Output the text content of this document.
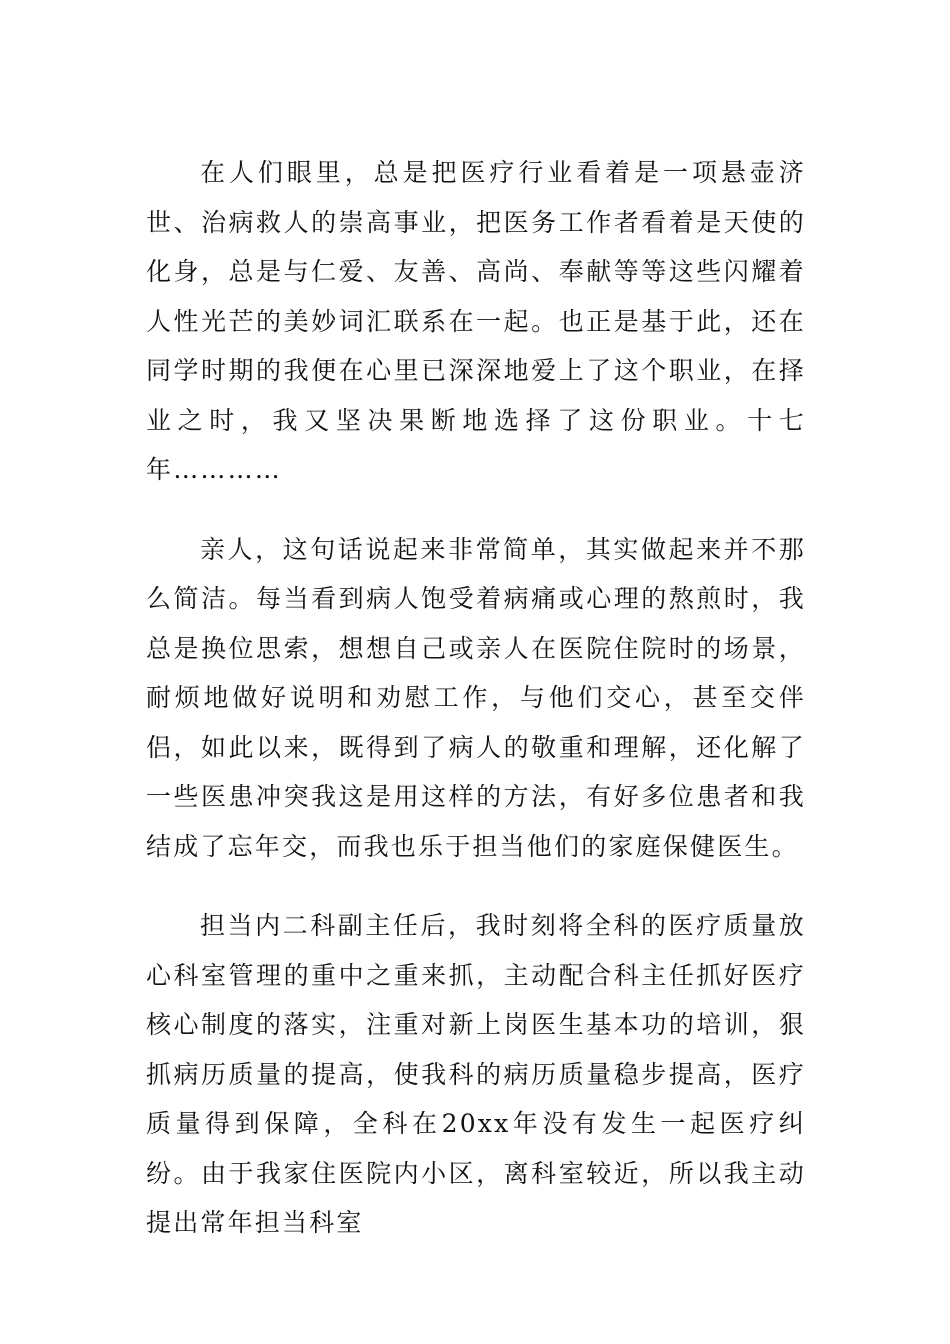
在人们眼里，总是把医疗行业看着是一项悬壶济世、治病救人的崇高事业，把医务工作者看着是天使的化身，总是与仁爱、友善、高尚、奉献等等这些闪耀着人性光芒的美妙词汇联系在一起。也正是基于此，还在同学时期的我便在心里已深深地爱上了这个职业，在择业之时，我又坚决果断地选择了这份职业。十七年…………

亲人，这句话说起来非常简单，其实做起来并不那么简洁。每当看到病人饱受着病痛或心理的熬煎时，我总是换位思索，想想自己或亲人在医院住院时的场景，耐烦地做好说明和劝慰工作，与他们交心，甚至交伴侣，如此以来，既得到了病人的敬重和理解，还化解了一些医患冲突我这是用这样的方法，有好多位患者和我结成了忘年交，而我也乐于担当他们的家庭保健医生。

担当内二科副主任后，我时刻将全科的医疗质量放心科室管理的重中之重来抓，主动配合科主任抓好医疗核心制度的落实，注重对新上岗医生基本功的培训，狠抓病历质量的提高，使我科的病历质量稳步提高，医疗质量得到保障，全科在20xx年没有发生一起医疗纠纷。由于我家住医院内小区，离科室较近，所以我主动提出常年担当科室
